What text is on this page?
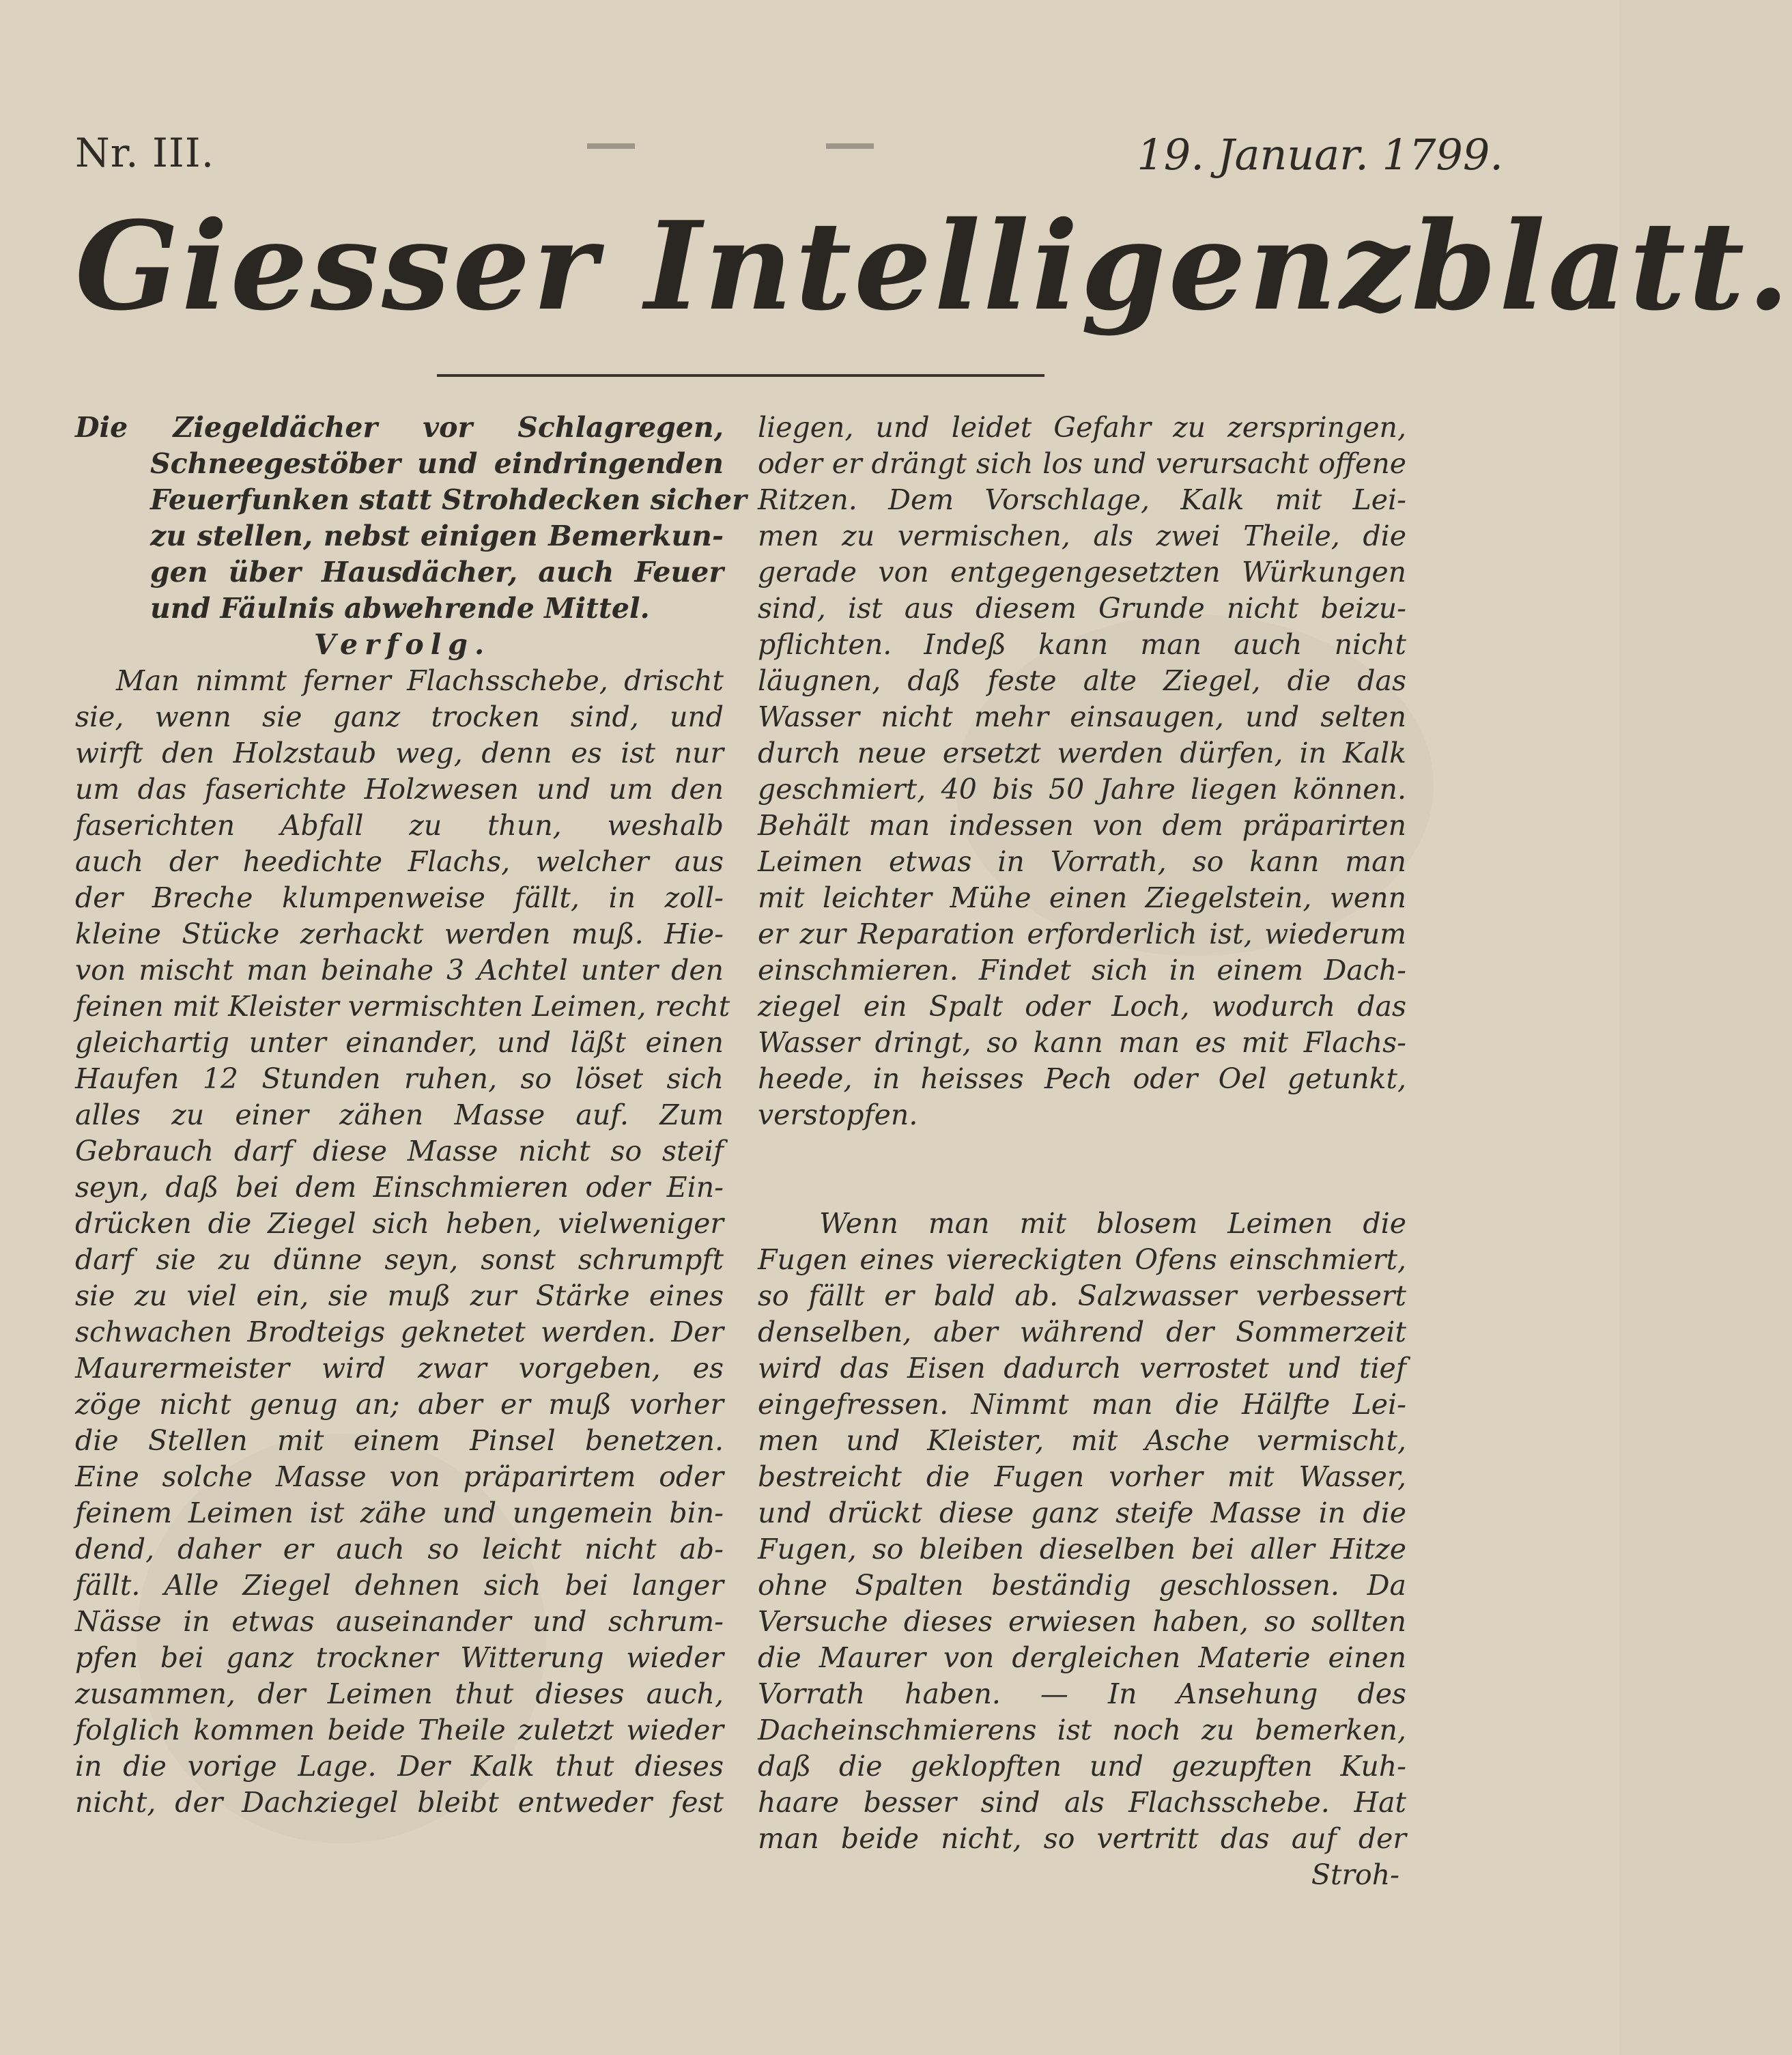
Nr. III.	19. Januar. 1799.
Giesser Intelligenzblatt.
Die Ziegeldächer vor Schlagregen,
Schneegestöber und eindringenden
Feuerfunken statt Strohdecken sicher
zu stellen, nebst einigen Bemerkun-
gen über Hausdächer, auch Feuer
und Fäulnis abwehrende Mittel.

Verfolg.

Man nimmt ferner Flachsschebe, drischt
sie, wenn sie ganz trocken sind, und
wirft den Holzstaub weg, denn es ist nur
um das faserichte Holzwesen und um den
faserichten Abfall zu thun, weshalb
auch der heedichte Flachs, welcher aus
der Breche klumpenweise fällt, in zoll-
kleine Stücke zerhackt werden muß. Hie-
von mischt man beinahe 3 Achtel unter den
feinen mit Kleister vermischten Leimen, recht
gleichartig unter einander, und läßt einen
Haufen 12 Stunden ruhen, so löset sich
alles zu einer zähen Masse auf. Zum
Gebrauch darf diese Masse nicht so steif
seyn, daß bei dem Einschmieren oder Ein-
drücken die Ziegel sich heben, vielweniger
darf sie zu dünne seyn, sonst schrumpft
sie zu viel ein, sie muß zur Stärke eines
schwachen Brodteigs geknetet werden. Der
Maurermeister wird zwar vorgeben, es
zöge nicht genug an; aber er muß vorher
die Stellen mit einem Pinsel benetzen.
Eine solche Masse von präparirtem oder
feinem Leimen ist zähe und ungemein bin-
dend, daher er auch so leicht nicht ab-
fällt. Alle Ziegel dehnen sich bei langer
Nässe in etwas auseinander und schrum-
pfen bei ganz trockner Witterung wieder
zusammen, der Leimen thut dieses auch,
folglich kommen beide Theile zuletzt wieder
in die vorige Lage. Der Kalk thut dieses
nicht, der Dachziegel bleibt entweder fest
liegen, und leidet Gefahr zu zerspringen,
oder er drängt sich los und verursacht offene
Ritzen. Dem Vorschlage, Kalk mit Lei-
men zu vermischen, als zwei Theile, die
gerade von entgegengesetzten Würkungen
sind, ist aus diesem Grunde nicht beizu-
pflichten. Indeß kann man auch nicht
läugnen, daß feste alte Ziegel, die das
Wasser nicht mehr einsaugen, und selten
durch neue ersetzt werden dürfen, in Kalk
geschmiert, 40 bis 50 Jahre liegen können.
Behält man indessen von dem präparirten
Leimen etwas in Vorrath, so kann man
mit leichter Mühe einen Ziegelstein, wenn
er zur Reparation erforderlich ist, wiederum
einschmieren. Findet sich in einem Dach-
ziegel ein Spalt oder Loch, wodurch das
Wasser dringt, so kann man es mit Flachs-
heede, in heisses Pech oder Oel getunkt,
verstopfen.
Wenn man mit blosem Leimen die
Fugen eines viereckigten Ofens einschmiert,
so fällt er bald ab. Salzwasser verbessert
denselben, aber während der Sommerzeit
wird das Eisen dadurch verrostet und tief
eingefressen. Nimmt man die Hälfte Lei-
men und Kleister, mit Asche vermischt,
bestreicht die Fugen vorher mit Wasser,
und drückt diese ganz steife Masse in die
Fugen, so bleiben dieselben bei aller Hitze
ohne Spalten beständig geschlossen. Da
Versuche dieses erwiesen haben, so sollten
die Maurer von dergleichen Materie einen
Vorrath haben. — In Ansehung des
Dacheinschmierens ist noch zu bemerken,
daß die geklopften und gezupften Kuh-
haare besser sind als Flachsschebe. Hat
man beide nicht, so vertritt das auf der

Stroh-
